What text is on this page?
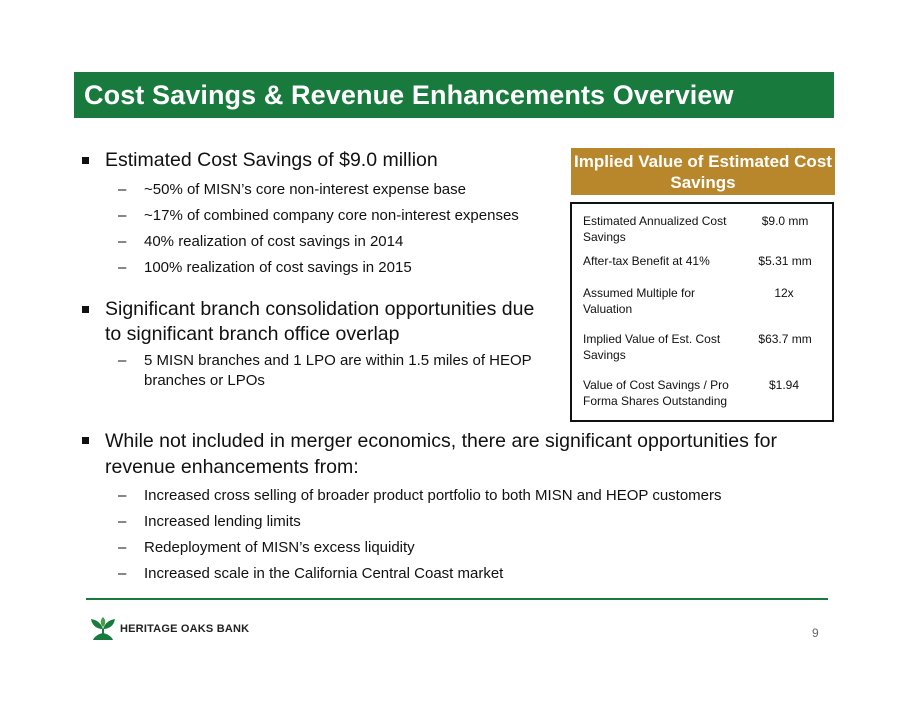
Cost Savings & Revenue Enhancements Overview
Estimated Cost Savings of $9.0 million
– ~50% of MISN’s core non-interest expense base
– ~17% of combined company core non-interest expenses
– 40% realization of cost savings in 2014
– 100% realization of cost savings in 2015
Significant branch consolidation opportunities due to significant branch office overlap
– 5 MISN branches and 1 LPO are within 1.5 miles of HEOP branches or LPOs
Implied Value of Estimated Cost Savings
Estimated Annualized Cost Savings
$9.0 mm
After-tax Benefit at 41%	$5.31 mm
Assumed Multiple for Valuation
12x
Implied Value of Est. Cost Savings
$63.7 mm
Value of Cost Savings / Pro Forma Shares Outstanding
$1.94
While not included in merger economics, there are significant opportunities for revenue enhancements from:
– Increased cross selling of broader product portfolio to both MISN and HEOP customers
– Increased lending limits
– Redeployment of MISN’s excess liquidity
– Increased scale in the California Central Coast market
HERITAGE OAKS BANK	9
